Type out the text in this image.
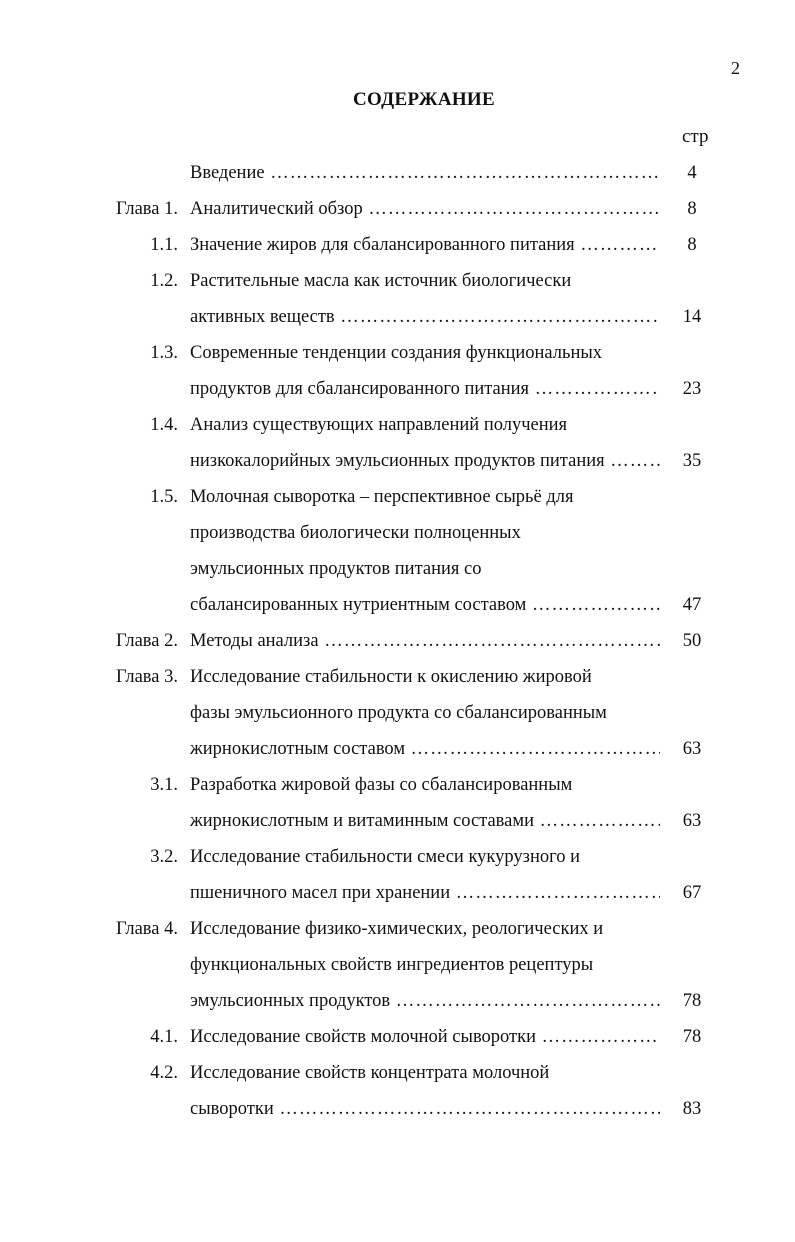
2
СОДЕРЖАНИЕ
стр
Введение ……………………………………………………………………………………………………	4
Глава 1. Аналитический обзор ……………………………………………………………………………………………………	8
1.1. Значение жиров для сбалансированного питания ……………………………………………………………………………………………………	8
1.2. Растительные масла как источник биологически
активных веществ ……………………………………………………………………………………………………	14
1.3. Современные тенденции создания функциональных
продуктов для сбалансированного питания ……………………………………………………………………………………………………	23
1.4. Анализ существующих направлений получения
низкокалорийных эмульсионных продуктов питания ……………………………………………………………………………………………………	35
1.5. Молочная сыворотка – перспективное сырьё для
производства биологически полноценных
эмульсионных продуктов питания со
сбалансированных нутриентным составом ……………………………………………………………………………………………………	47
Глава 2. Методы анализа ……………………………………………………………………………………………………	50
Глава 3. Исследование стабильности к окислению жировой
фазы эмульсионного продукта со сбалансированным
жирнокислотным составом ……………………………………………………………………………………………………	63
3.1. Разработка жировой фазы со сбалансированным
жирнокислотным и витаминным составами ……………………………………………………………………………………………………	63
3.2. Исследование стабильности смеси кукурузного и
пшеничного масел при хранении ……………………………………………………………………………………………………	67
Глава 4. Исследование физико-химических, реологических и
функциональных свойств ингредиентов рецептуры
эмульсионных продуктов ……………………………………………………………………………………………………	78
4.1. Исследование свойств молочной сыворотки ……………………………………………………………………………………………………	78
4.2. Исследование свойств концентрата молочной
сыворотки ……………………………………………………………………………………………………	83
